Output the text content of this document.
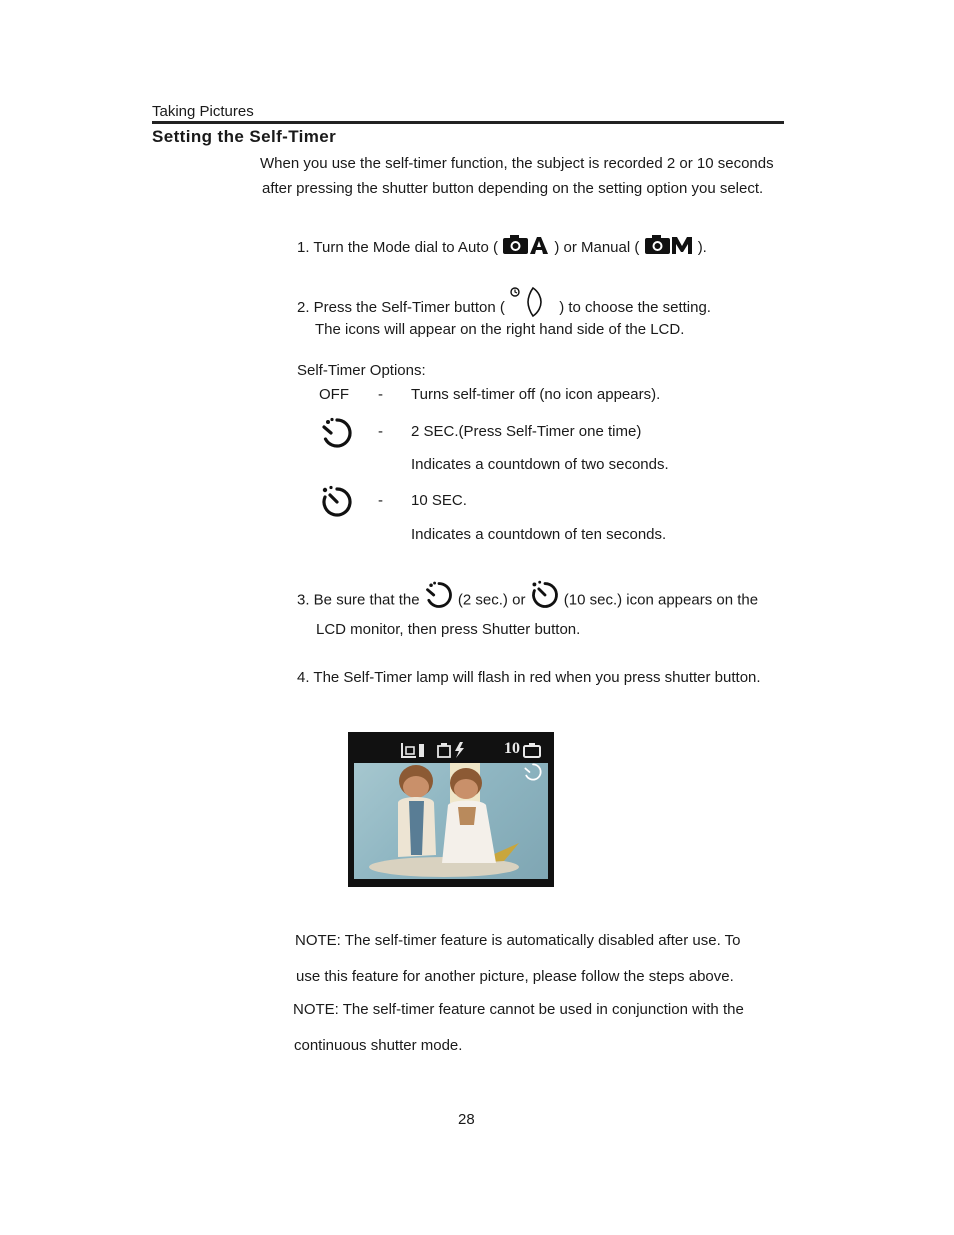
Taking Pictures
Setting the Self-Timer
When you use the self-timer function, the subject is recorded 2 or 10 seconds
after pressing the shutter button depending on the setting option you select.
1. Turn the Mode dial to Auto (	) or Manual (	).
2. Press the Self-Timer button (	) to choose the setting.
The icons will appear on the right hand side of the LCD.
Self-Timer Options:
OFF - Turns self-timer off (no icon appears).
- 2 SEC.(Press Self-Timer one time)
Indicates a countdown of two seconds.
- 10 SEC.
Indicates a countdown of ten seconds.
3. Be sure that the	(2 sec.) or	(10 sec.) icon appears on the
LCD monitor, then press Shutter button.
4. The Self-Timer lamp will flash in red when you press shutter button.
10
NOTE: The self-timer feature is automatically disabled after use. To
use this feature for another picture, please follow the steps above.
NOTE: The self-timer feature cannot be used in conjunction with the
continuous shutter mode.
28
